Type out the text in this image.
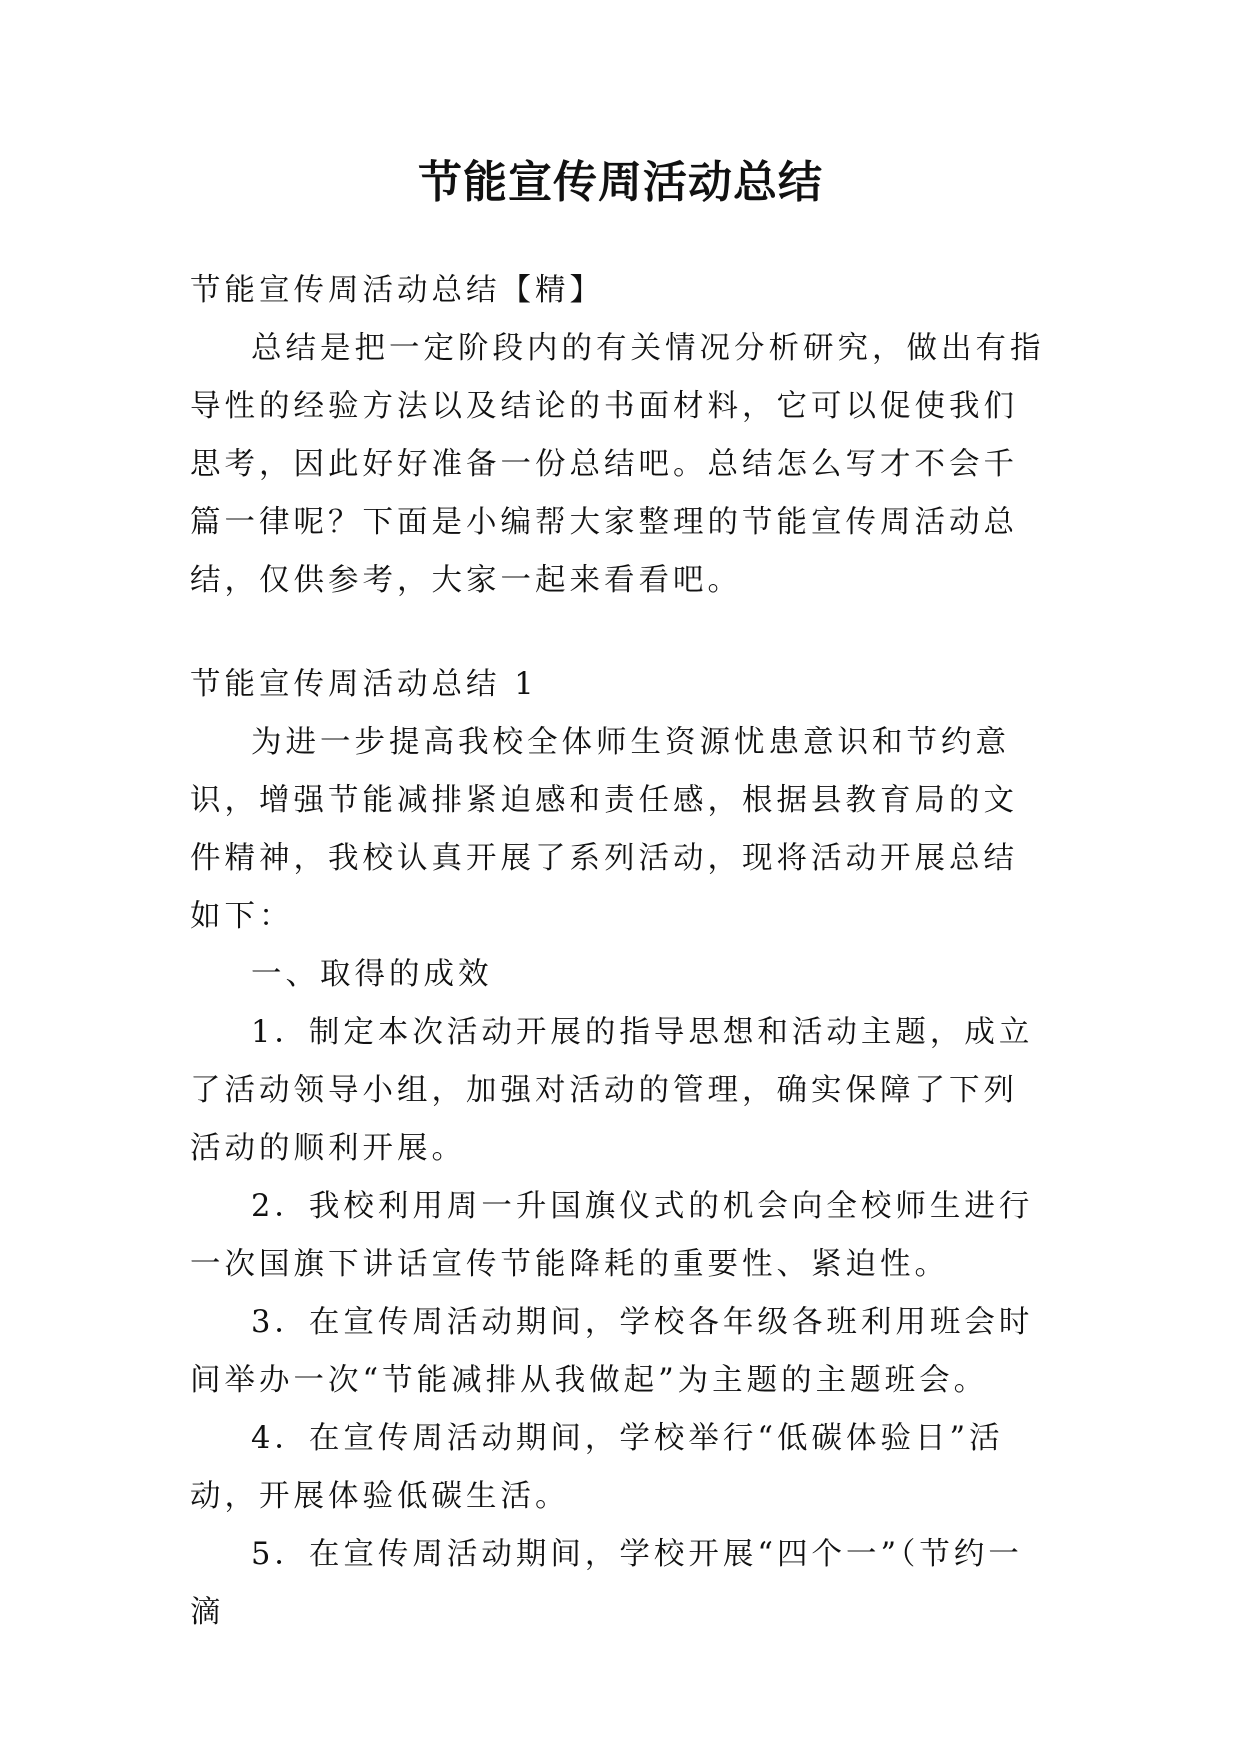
节能宣传周活动总结

节能宣传周活动总结【精】

总结是把一定阶段内的有关情况分析研究，做出有指导性的经验方法以及结论的书面材料，它可以促使我们思考，因此好好准备一份总结吧。总结怎么写才不会千篇一律呢？下面是小编帮大家整理的节能宣传周活动总结，仅供参考，大家一起来看看吧。

节能宣传周活动总结 1

为进一步提高我校全体师生资源忧患意识和节约意识，增强节能减排紧迫感和责任感，根据县教育局的文件精神，我校认真开展了系列活动，现将活动开展总结如下：

一、取得的成效

1．制定本次活动开展的指导思想和活动主题，成立了活动领导小组，加强对活动的管理，确实保障了下列活动的顺利开展。

2．我校利用周一升国旗仪式的机会向全校师生进行一次国旗下讲话宣传节能降耗的重要性、紧迫性。

3．在宣传周活动期间，学校各年级各班利用班会时间举办一次“节能减排从我做起”为主题的主题班会。

4．在宣传周活动期间，学校举行“低碳体验日”活动，开展体验低碳生活。

5．在宣传周活动期间，学校开展“四个一”（节约一滴
